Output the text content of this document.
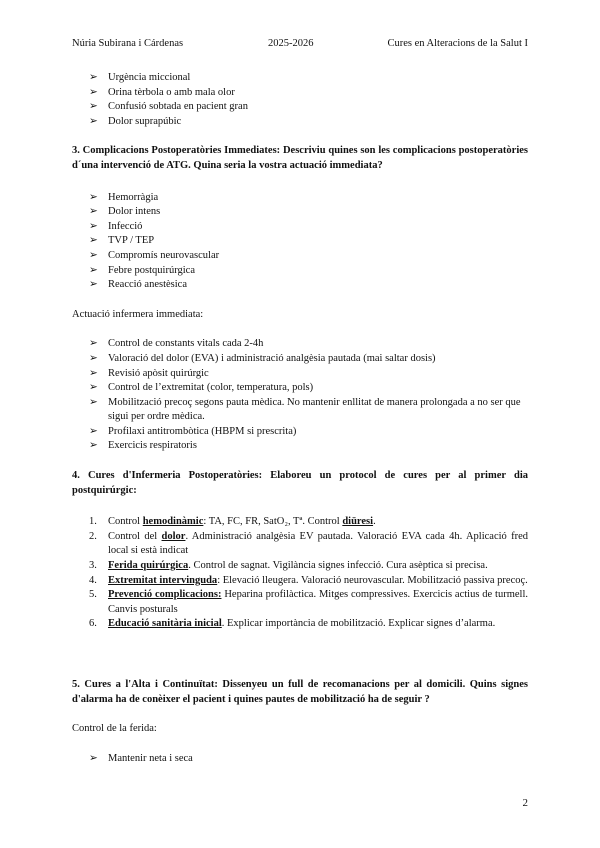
Núria Subirana i Cárdenas	2025-2026	Cures en Alteracions de la Salut I
➢ Urgència miccional
➢ Orina tèrbola o amb mala olor
➢ Confusió sobtada en pacient gran
➢ Dolor suprapúbic

3. Complicacions Postoperatòries Immediates: Descriviu quines son les complicacions postoperatòries d´una intervenció de ATG. Quina seria la vostra actuació immediata?

➢ Hemorràgia
➢ Dolor intens
➢ Infecció
➢ TVP / TEP
➢ Compromís neurovascular
➢ Febre postquirúrgica
➢ Reacció anestèsica

Actuació infermera immediata:

➢ Control de constants vitals cada 2-4h
➢ Valoració del dolor (EVA) i administració analgèsia pautada (mai saltar dosis)
➢ Revisió apòsit quirúrgic
➢ Control de l’extremitat (color, temperatura, pols)
➢ Mobilització precoç segons pauta mèdica. No mantenir enllitat de manera prolongada a no ser que sigui per ordre mèdica.
➢ Profilaxi antitrombòtica (HBPM si prescrita)
➢ Exercicis respiratoris

4. Cures d'Infermeria Postoperatòries: Elaboreu un protocol de cures per al primer dia postquirúrgic:

1. Control hemodinàmic: TA, FC, FR, SatO₂, Tª. Control diüresi.
2. Control del dolor. Administració analgèsia EV pautada. Valoració EVA cada 4h. Aplicació fred local si està indicat
3. Ferida quirúrgica. Control de sagnat. Vigilància signes infecció. Cura asèptica si precisa.
4. Extremitat intervinguda: Elevació lleugera. Valoració neurovascular. Mobilització passiva precoç.
5. Prevenció complicacions: Heparina profilàctica. Mitges compressives. Exercicis actius de turmell. Canvis posturals
6. Educació sanitària inicial. Explicar importància de mobilització. Explicar signes d’alarma.

5. Cures a l'Alta i Continuïtat: Dissenyeu un full de recomanacions per al domicili. Quins signes d'alarma ha de conèixer el pacient i quines pautes de mobilització ha de seguir ?

Control de la ferida:

➢ Mantenir neta i seca
2
